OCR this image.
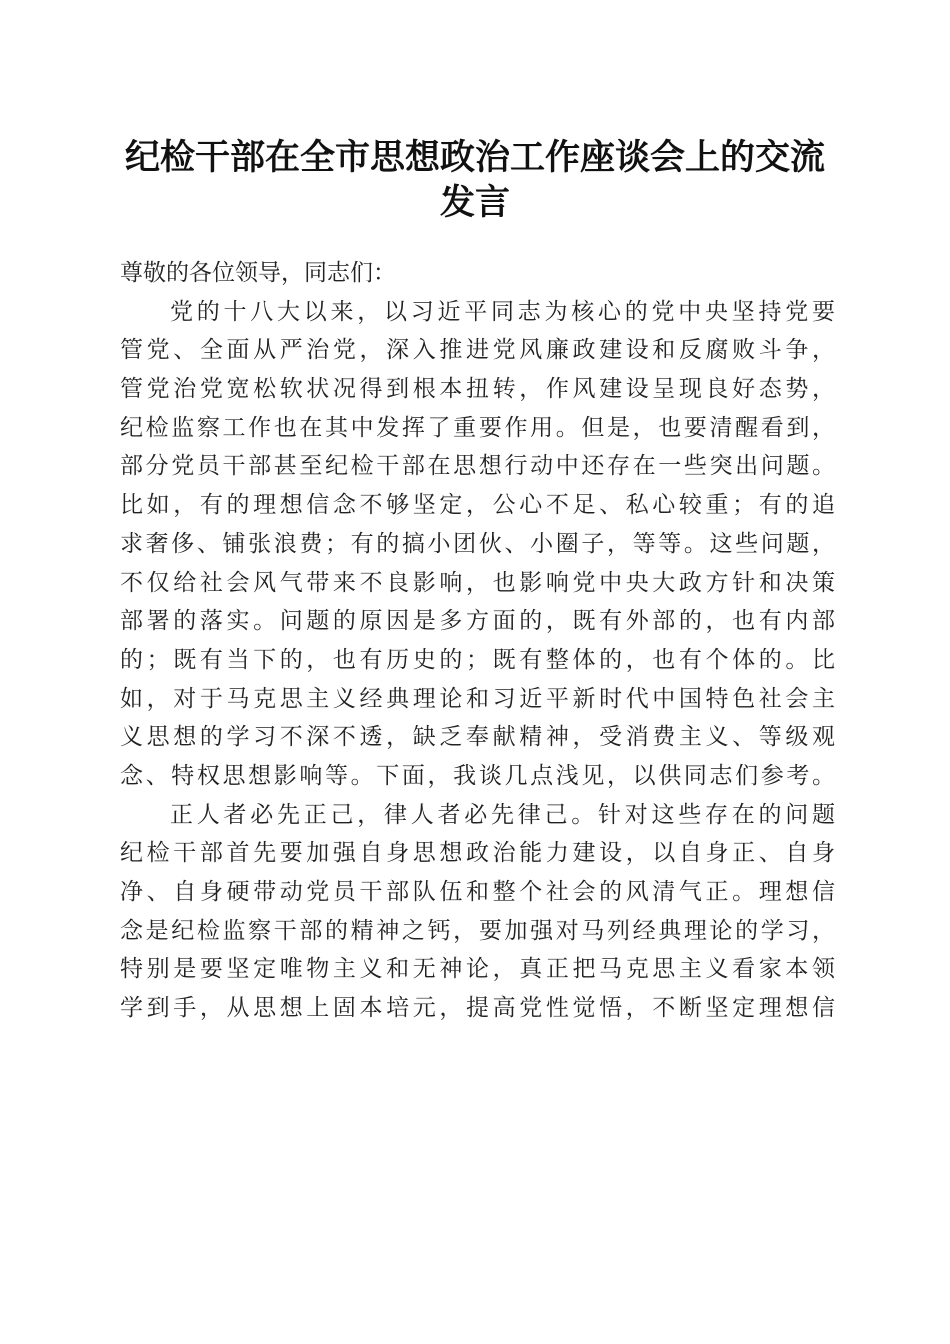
纪检干部在全市思想政治工作座谈会上的交流
发言
尊敬的各位领导，同志们：
党的十八大以来，以习近平同志为核心的党中央坚持党要
管党、全面从严治党，深入推进党风廉政建设和反腐败斗争，
管党治党宽松软状况得到根本扭转，作风建设呈现良好态势，
纪检监察工作也在其中发挥了重要作用。但是，也要清醒看到，
部分党员干部甚至纪检干部在思想行动中还存在一些突出问题。
比如，有的理想信念不够坚定，公心不足、私心较重；有的追
求奢侈、铺张浪费；有的搞小团伙、小圈子，等等。这些问题，
不仅给社会风气带来不良影响，也影响党中央大政方针和决策
部署的落实。问题的原因是多方面的，既有外部的，也有内部
的；既有当下的，也有历史的；既有整体的，也有个体的。比
如，对于马克思主义经典理论和习近平新时代中国特色社会主
义思想的学习不深不透，缺乏奉献精神，受消费主义、等级观
念、特权思想影响等。下面，我谈几点浅见，以供同志们参考。
正人者必先正己，律人者必先律己。针对这些存在的问题
纪检干部首先要加强自身思想政治能力建设，以自身正、自身
净、自身硬带动党员干部队伍和整个社会的风清气正。理想信
念是纪检监察干部的精神之钙，要加强对马列经典理论的学习，
特别是要坚定唯物主义和无神论，真正把马克思主义看家本领
学到手，从思想上固本培元，提高党性觉悟，不断坚定理想信
